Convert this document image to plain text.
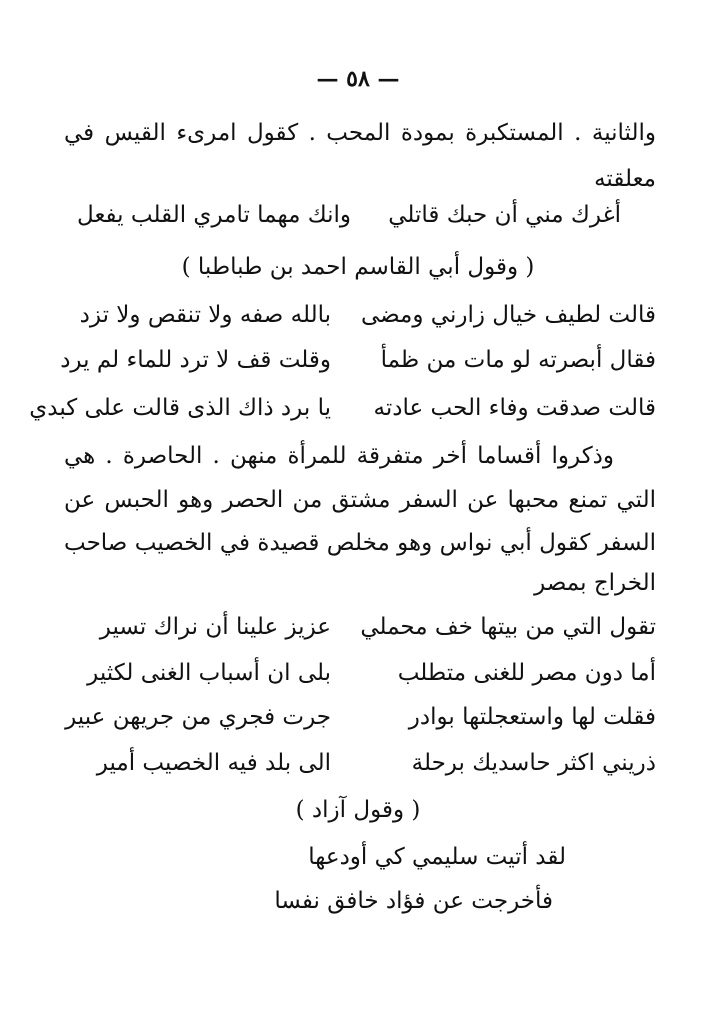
— ٥٨ —
والثانية . المستكبرة بمودة المحب . كقول امرىء القيس في
معلقته
أغرك مني أن حبك قاتلي
وانك مهما تامري القلب يفعل
( وقول أبي القاسم احمد بن طباطبا )
قالت لطيف خيال زارني ومضى
بالله صفه ولا تنقص ولا تزد
فقال أبصرته لو مات من ظمأ
وقلت قف لا ترد للماء لم يرد
قالت صدقت وفاء الحب عادته
يا برد ذاك الذى قالت على كبدي
وذكروا أقساما أخر متفرقة للمرأة منهن . الحاصرة . هي
التي تمنع محبها عن السفر مشتق من الحصر وهو الحبس عن
السفر كقول أبي نواس وهو مخلص قصيدة في الخصيب صاحب
الخراج بمصر
تقول التي من بيتها خف محملي
عزيز علينا أن نراك تسير
أما دون مصر للغنى متطلب
بلى ان أسباب الغنى لكثير
فقلت لها واستعجلتها بوادر
جرت فجري من جريهن عبير
ذريني اكثر حاسديك برحلة
الى بلد فيه الخصيب أمير
( وقول آزاد )
لقد أتيت سليمي كي أودعها
فأخرجت عن فؤاد خافق نفسا
